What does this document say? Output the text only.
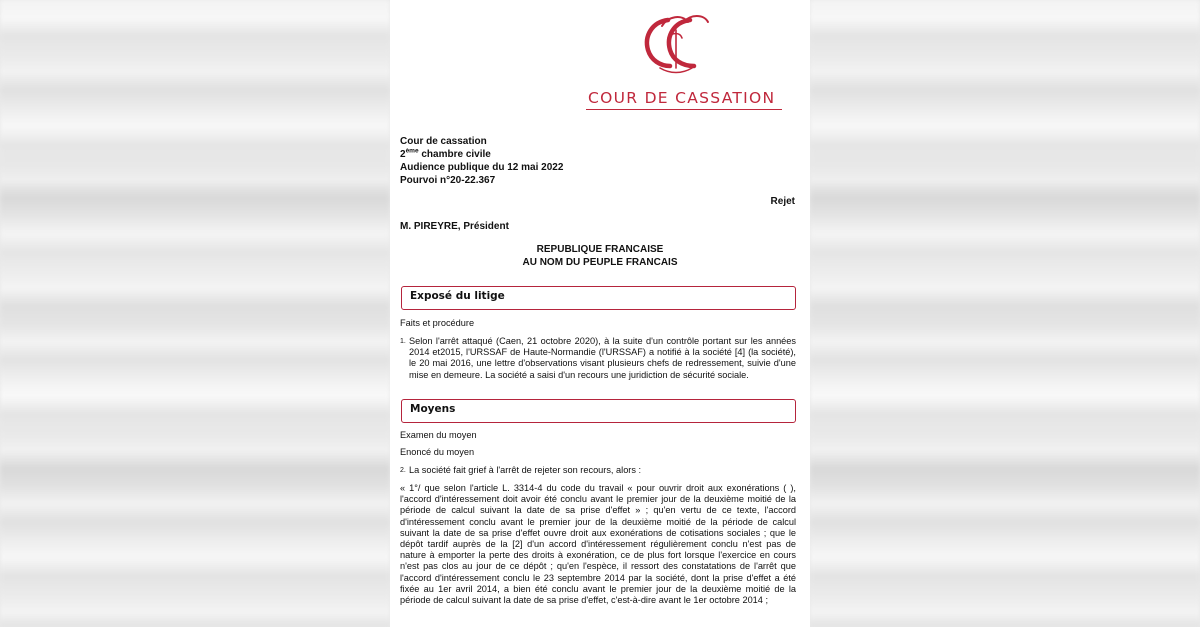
COUR DE CASSATION
Cour de cassation
2ème chambre civile
Audience publique du 12 mai 2022
Pourvoi n°20-22.367
Rejet
M. PIREYRE, Président
REPUBLIQUE FRANCAISE
AU NOM DU PEUPLE FRANCAIS
Exposé du litige
Faits et procédure
1. Selon l'arrêt attaqué (Caen, 21 octobre 2020), à la suite d'un contrôle portant sur les années 2014 et2015, l'URSSAF de Haute-Normandie (l'URSSAF) a notifié à la société [4] (la société), le 20 mai 2016, une lettre d'observations visant plusieurs chefs de redressement, suivie d'une mise en demeure. La société a saisi d'un recours une juridiction de sécurité sociale.
Moyens
Examen du moyen
Enoncé du moyen
2. La société fait grief à l'arrêt de rejeter son recours, alors :
« 1°/ que selon l'article L. 3314-4 du code du travail « pour ouvrir droit aux exonérations ( ), l'accord d'intéressement doit avoir été conclu avant le premier jour de la deuxième moitié de la période de calcul suivant la date de sa prise d'effet » ; qu'en vertu de ce texte, l'accord d'intéressement conclu avant le premier jour de la deuxième moitié de la période de calcul suivant la date de sa prise d'effet ouvre droit aux exonérations de cotisations sociales ; que le dépôt tardif auprès de la [2] d'un accord d'intéressement régulièrement conclu n'est pas de nature à emporter la perte des droits à exonération, ce de plus fort lorsque l'exercice en cours n'est pas clos au jour de ce dépôt ; qu'en l'espèce, il ressort des constatations de l'arrêt que l'accord d'intéressement conclu le 23 septembre 2014 par la société, dont la prise d'effet a été fixée au 1er avril 2014, a bien été conclu avant le premier jour de la deuxième moitié de la période de calcul suivant la date de sa prise d'effet, c'est-à-dire avant le 1er octobre 2014 ;
